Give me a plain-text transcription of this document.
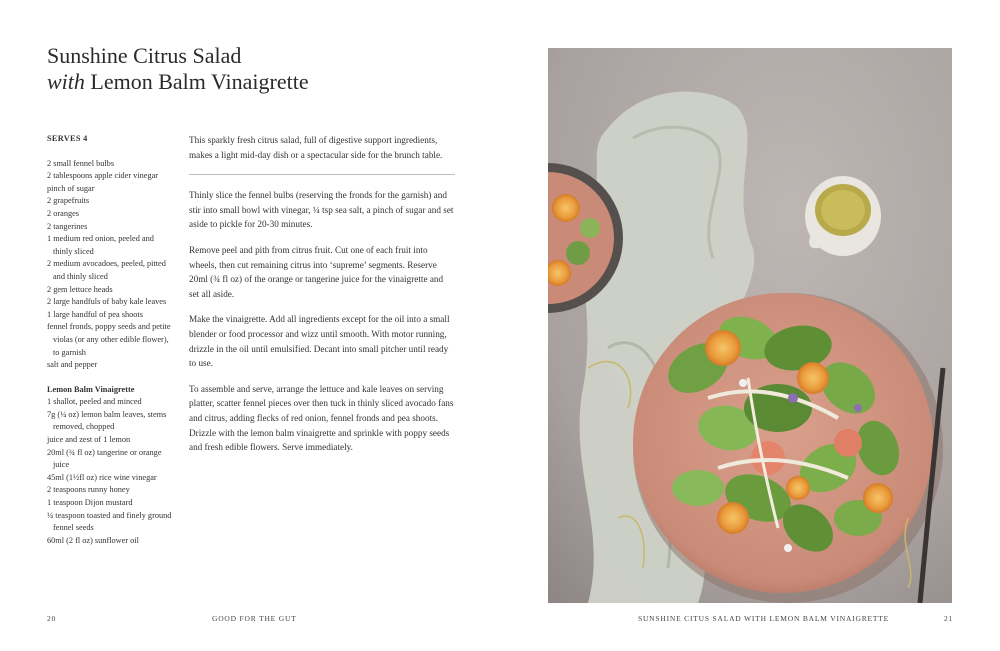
Sunshine Citrus Salad
with Lemon Balm Vinaigrette
SERVES 4
2 small fennel bulbs
2 tablespoons apple cider vinegar
pinch of sugar
2 grapefruits
2 oranges
2 tangerines
1 medium red onion, peeled and thinly sliced
2 medium avocadoes, peeled, pitted and thinly sliced
2 gem lettuce heads
2 large handfuls of baby kale leaves
1 large handful of pea shoots
fennel fronds, poppy seeds and petite violas (or any other edible flower), to garnish
salt and pepper
Lemon Balm Vinaigrette
1 shallot, peeled and minced
7g (¼ oz) lemon balm leaves, stems removed, chopped
juice and zest of 1 lemon
20ml (¾ fl oz) tangerine or orange juice
45ml (1½fl oz) rice wine vinegar
2 teaspoons runny honey
1 teaspoon Dijon mustard
¼ teaspoon toasted and finely ground fennel seeds
60ml (2 fl oz) sunflower oil

This sparkly fresh citrus salad, full of digestive support ingredients, makes a light mid-day dish or a spectacular side for the brunch table.

Thinly slice the fennel bulbs (reserving the fronds for the garnish) and stir into small bowl with vinegar, ¼ tsp sea salt, a pinch of sugar and set aside to pickle for 20-30 minutes.

Remove peel and pith from citrus fruit. Cut one of each fruit into wheels, then cut remaining citrus into ‘supreme’ segments. Reserve 20ml (¾ fl oz) of the orange or tangerine juice for the vinaigrette and set all aside.

Make the vinaigrette. Add all ingredients except for the oil into a small blender or food processor and wizz until smooth. With motor running, drizzle in the oil until emulsified. Decant into small pitcher until ready to use.

To assemble and serve, arrange the lettuce and kale leaves on serving platter, scatter fennel pieces over then tuck in thinly sliced avocado fans and citrus, adding flecks of red onion, fennel fronds and pea shoots. Drizzle with the lemon balm vinaigrette and sprinkle with poppy seeds and fresh edible flowers. Serve immediately.

20	GOOD FOR THE GUT	SUNSHINE CITUS SALAD WITH LEMON BALM VINAIGRETTE	21
